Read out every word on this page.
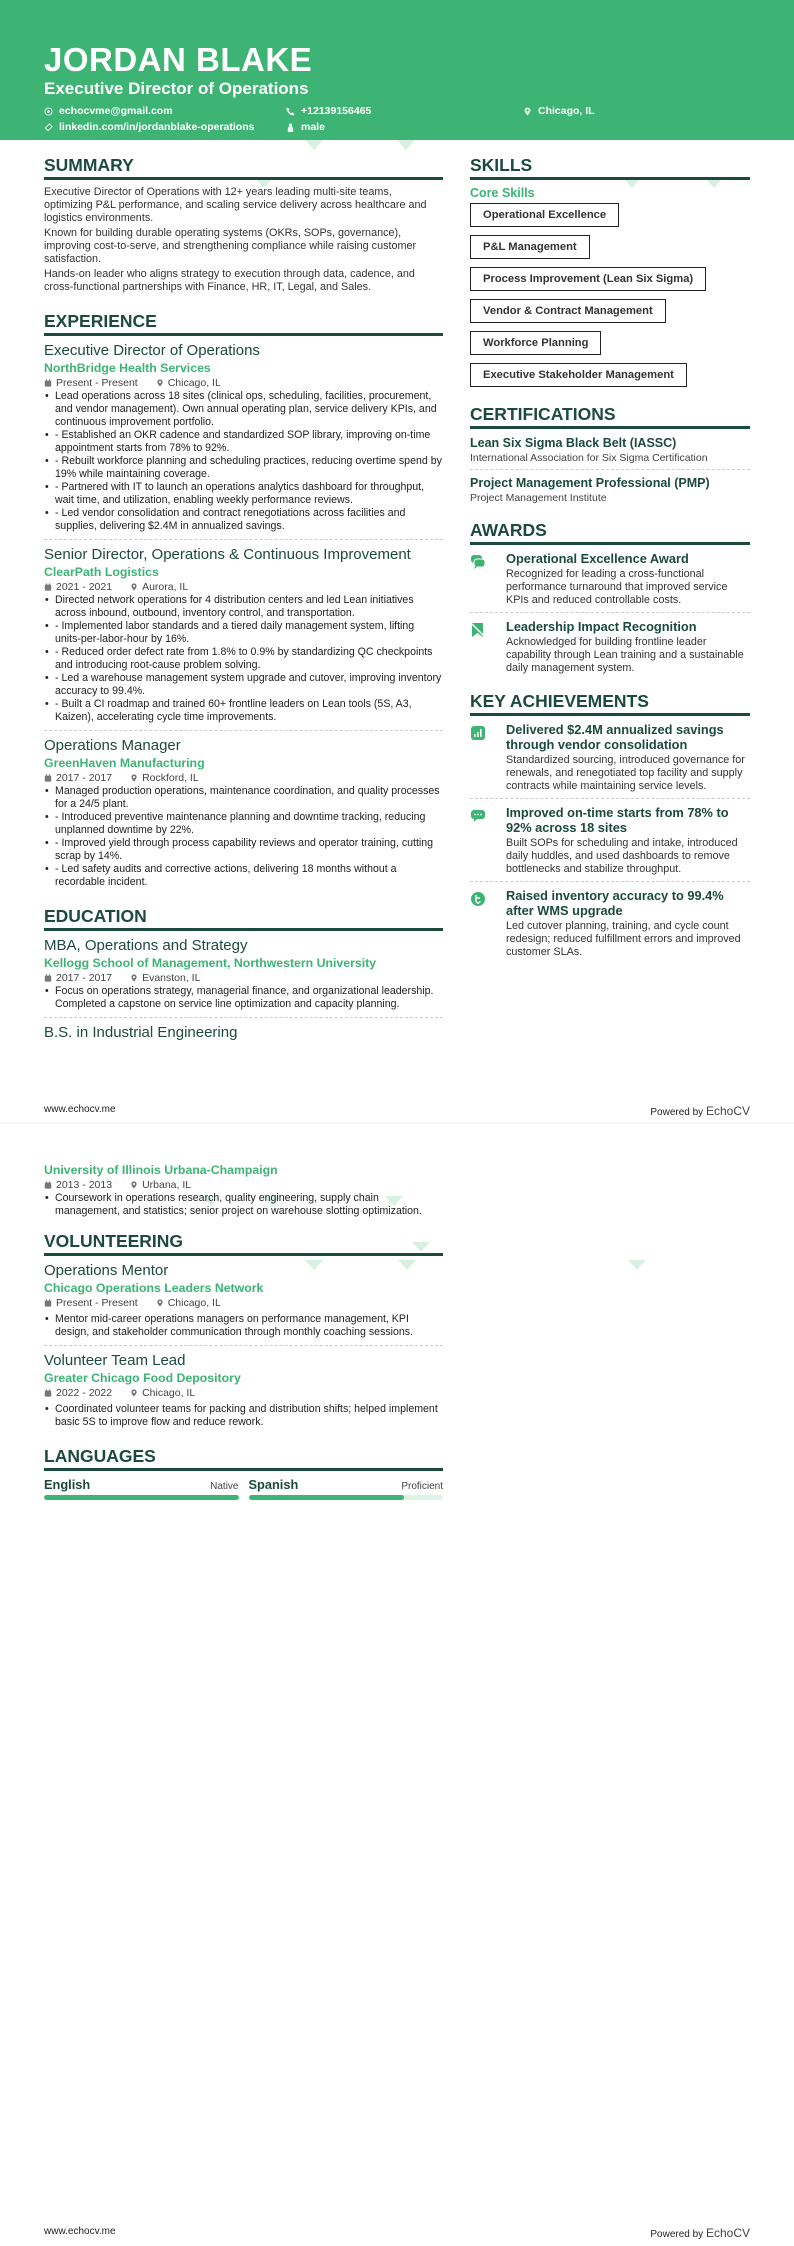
JORDAN BLAKE
Executive Director of Operations
echocvme@gmail.com	+12139156465	Chicago, IL
linkedin.com/in/jordanblake-operations	male
SUMMARY

Executive Director of Operations with 12+ years leading multi-site teams, optimizing P&L performance, and scaling service delivery across healthcare and logistics environments.

Known for building durable operating systems (OKRs, SOPs, governance), improving cost-to-serve, and strengthening compliance while raising customer satisfaction.

Hands-on leader who aligns strategy to execution through data, cadence, and cross-functional partnerships with Finance, HR, IT, Legal, and Sales.

EXPERIENCE
Executive Director of Operations
NorthBridge Health Services
Present - Present	Chicago, IL
• Lead operations across 18 sites (clinical ops, scheduling, facilities, procurement, and vendor management). Own annual operating plan, service delivery KPIs, and continuous improvement portfolio.
• - Established an OKR cadence and standardized SOP library, improving on-time appointment starts from 78% to 92%.
• - Rebuilt workforce planning and scheduling practices, reducing overtime spend by 19% while maintaining coverage.
• - Partnered with IT to launch an operations analytics dashboard for throughput, wait time, and utilization, enabling weekly performance reviews.
• - Led vendor consolidation and contract renegotiations across facilities and supplies, delivering $2.4M in annualized savings.
Senior Director, Operations & Continuous Improvement
ClearPath Logistics
2021 - 2021	Aurora, IL
• Directed network operations for 4 distribution centers and led Lean initiatives across inbound, outbound, inventory control, and transportation.
• - Implemented labor standards and a tiered daily management system, lifting units-per-labor-hour by 16%.
• - Reduced order defect rate from 1.8% to 0.9% by standardizing QC checkpoints and introducing root-cause problem solving.
• - Led a warehouse management system upgrade and cutover, improving inventory accuracy to 99.4%.
• - Built a CI roadmap and trained 60+ frontline leaders on Lean tools (5S, A3, Kaizen), accelerating cycle time improvements.
Operations Manager
GreenHaven Manufacturing
2017 - 2017	Rockford, IL
• Managed production operations, maintenance coordination, and quality processes for a 24/5 plant.
• - Introduced preventive maintenance planning and downtime tracking, reducing unplanned downtime by 22%.
• - Improved yield through process capability reviews and operator training, cutting scrap by 14%.
• - Led safety audits and corrective actions, delivering 18 months without a recordable incident.
EDUCATION
MBA, Operations and Strategy
Kellogg School of Management, Northwestern University
2017 - 2017	Evanston, IL
• Focus on operations strategy, managerial finance, and organizational leadership. Completed a capstone on service line optimization and capacity planning.
B.S. in Industrial Engineering
SKILLS
Core Skills
Operational Excellence
P&L Management
Process Improvement (Lean Six Sigma)
Vendor & Contract Management
Workforce Planning
Executive Stakeholder Management
CERTIFICATIONS
Lean Six Sigma Black Belt (IASSC)
International Association for Six Sigma Certification
Project Management Professional (PMP)
Project Management Institute
AWARDS
Operational Excellence Award
Recognized for leading a cross-functional performance turnaround that improved service KPIs and reduced controllable costs.
Leadership Impact Recognition
Acknowledged for building frontline leader capability through Lean training and a sustainable daily management system.
KEY ACHIEVEMENTS
Delivered $2.4M annualized savings through vendor consolidation
Standardized sourcing, introduced governance for renewals, and renegotiated top facility and supply contracts while maintaining service levels.
Improved on-time starts from 78% to 92% across 18 sites
Built SOPs for scheduling and intake, introduced daily huddles, and used dashboards to remove bottlenecks and stabilize throughput.
Raised inventory accuracy to 99.4% after WMS upgrade
Led cutover planning, training, and cycle count redesign; reduced fulfillment errors and improved customer SLAs.
www.echocv.me	Powered by EchoCV
University of Illinois Urbana-Champaign
2013 - 2013	Urbana, IL
• Coursework in operations research, quality engineering, supply chain management, and statistics; senior project on warehouse slotting optimization.
VOLUNTEERING
Operations Mentor
Chicago Operations Leaders Network
Present - Present	Chicago, IL
• Mentor mid-career operations managers on performance management, KPI design, and stakeholder communication through monthly coaching sessions.
Volunteer Team Lead
Greater Chicago Food Depository
2022 - 2022	Chicago, IL
• Coordinated volunteer teams for packing and distribution shifts; helped implement basic 5S to improve flow and reduce rework.
LANGUAGES
English	Native Spanish	Proficient
www.echocv.me	Powered by EchoCV
